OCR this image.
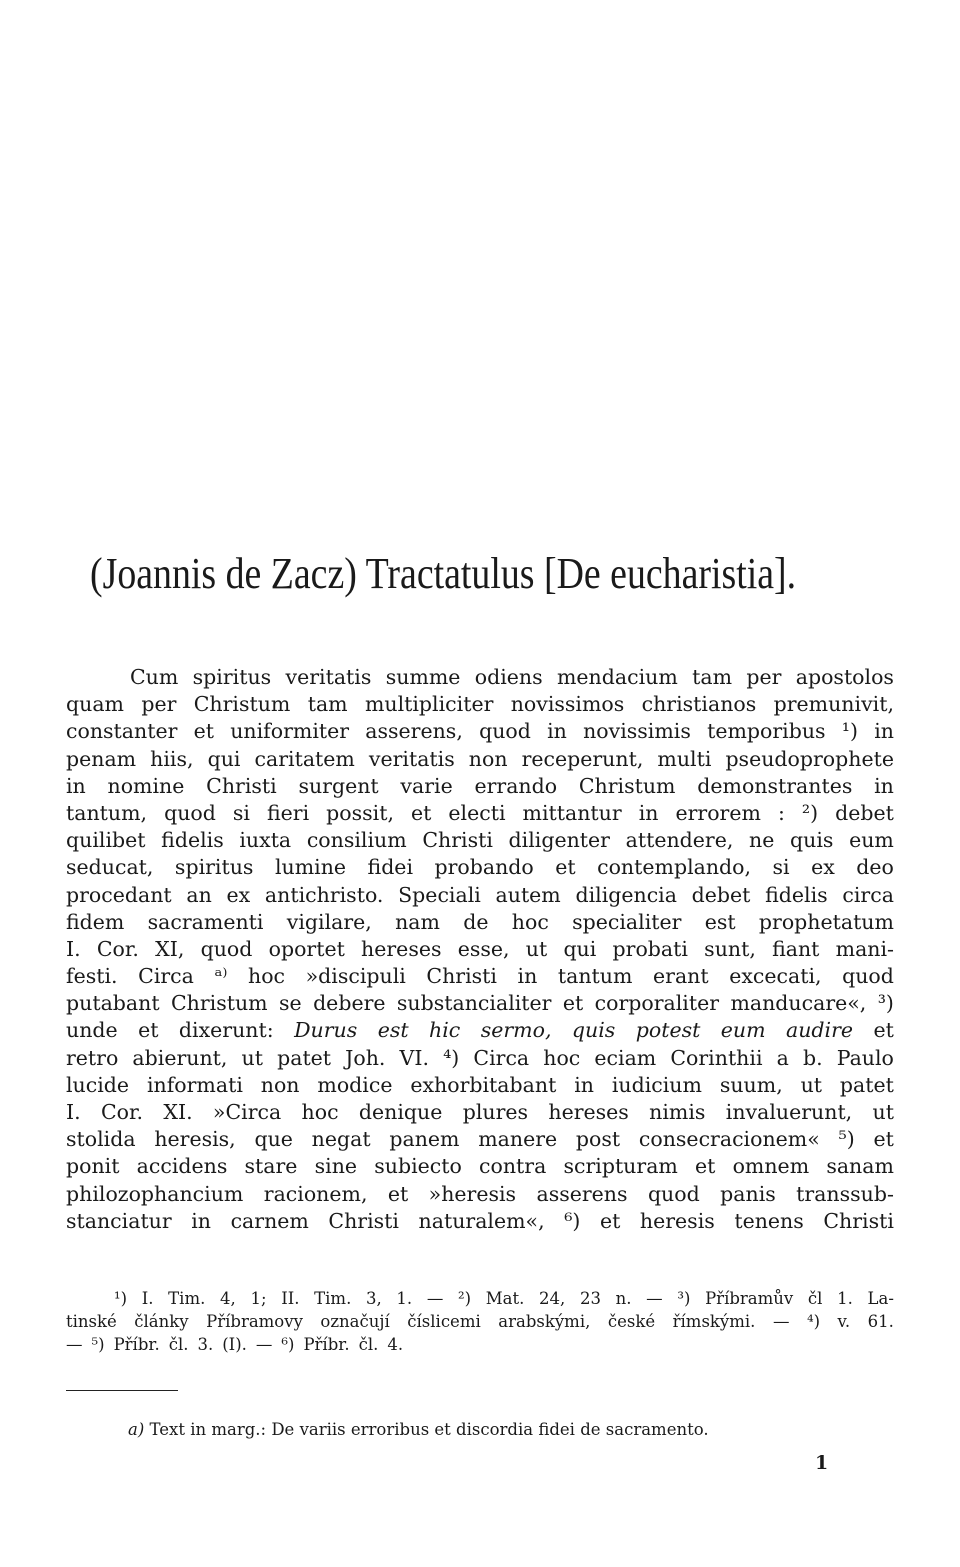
(Joannis de Zacz) Tractatulus [De eucharistia].
Cum spiritus veritatis summe odiens mendacium tam per apostolos
quam per Christum tam multipliciter novissimos christianos premunivit,
constanter et uniformiter asserens, quod in novissimis temporibus ¹) in
penam hiis, qui caritatem veritatis non receperunt, multi pseudoprophete
in nomine Christi surgent varie errando Christum demonstrantes in
tantum, quod si fieri possit, et electi mittantur in errorem : ²) debet
quilibet fidelis iuxta consilium Christi diligenter attendere, ne quis eum
seducat, spiritus lumine fidei probando et contemplando, si ex deo
procedant an ex antichristo. Speciali autem diligencia debet fidelis circa
fidem sacramenti vigilare, nam de hoc specialiter est prophetatum
I. Cor. XI, quod oportet hereses esse, ut qui probati sunt, fiant mani-
festi. Circa ᵃ⁾ hoc »discipuli Christi in tantum erant excecati, quod
putabant Christum se debere substancialiter et corporaliter manducare«, ³)
unde et dixerunt: Durus est hic sermo, quis potest eum audire et
retro abierunt, ut patet Joh. VI. ⁴) Circa hoc eciam Corinthii a b. Paulo
lucide informati non modice exhorbitabant in iudicium suum, ut patet
I. Cor. XI. »Circa hoc denique plures hereses nimis invaluerunt, ut
stolida heresis, que negat panem manere post consecracionem« ⁵) et
ponit accidens stare sine subiecto contra scripturam et omnem sanam
philozophancium racionem, et »heresis asserens quod panis transsub-
stanciatur in carnem Christi naturalem«, ⁶) et heresis tenens Christi
¹) I. Tim. 4, 1; II. Tim. 3, 1. — ²) Mat. 24, 23 n. — ³) Příbramův čl 1. La-
tinské články Příbramovy označují číslicemi arabskými, české římskými. — ⁴) v. 61.
— ⁵) Příbr. čl. 3. (I). — ⁶) Příbr. čl. 4.
a) Text in marg.: De variis erroribus et discordia fidei de sacramento.
1
